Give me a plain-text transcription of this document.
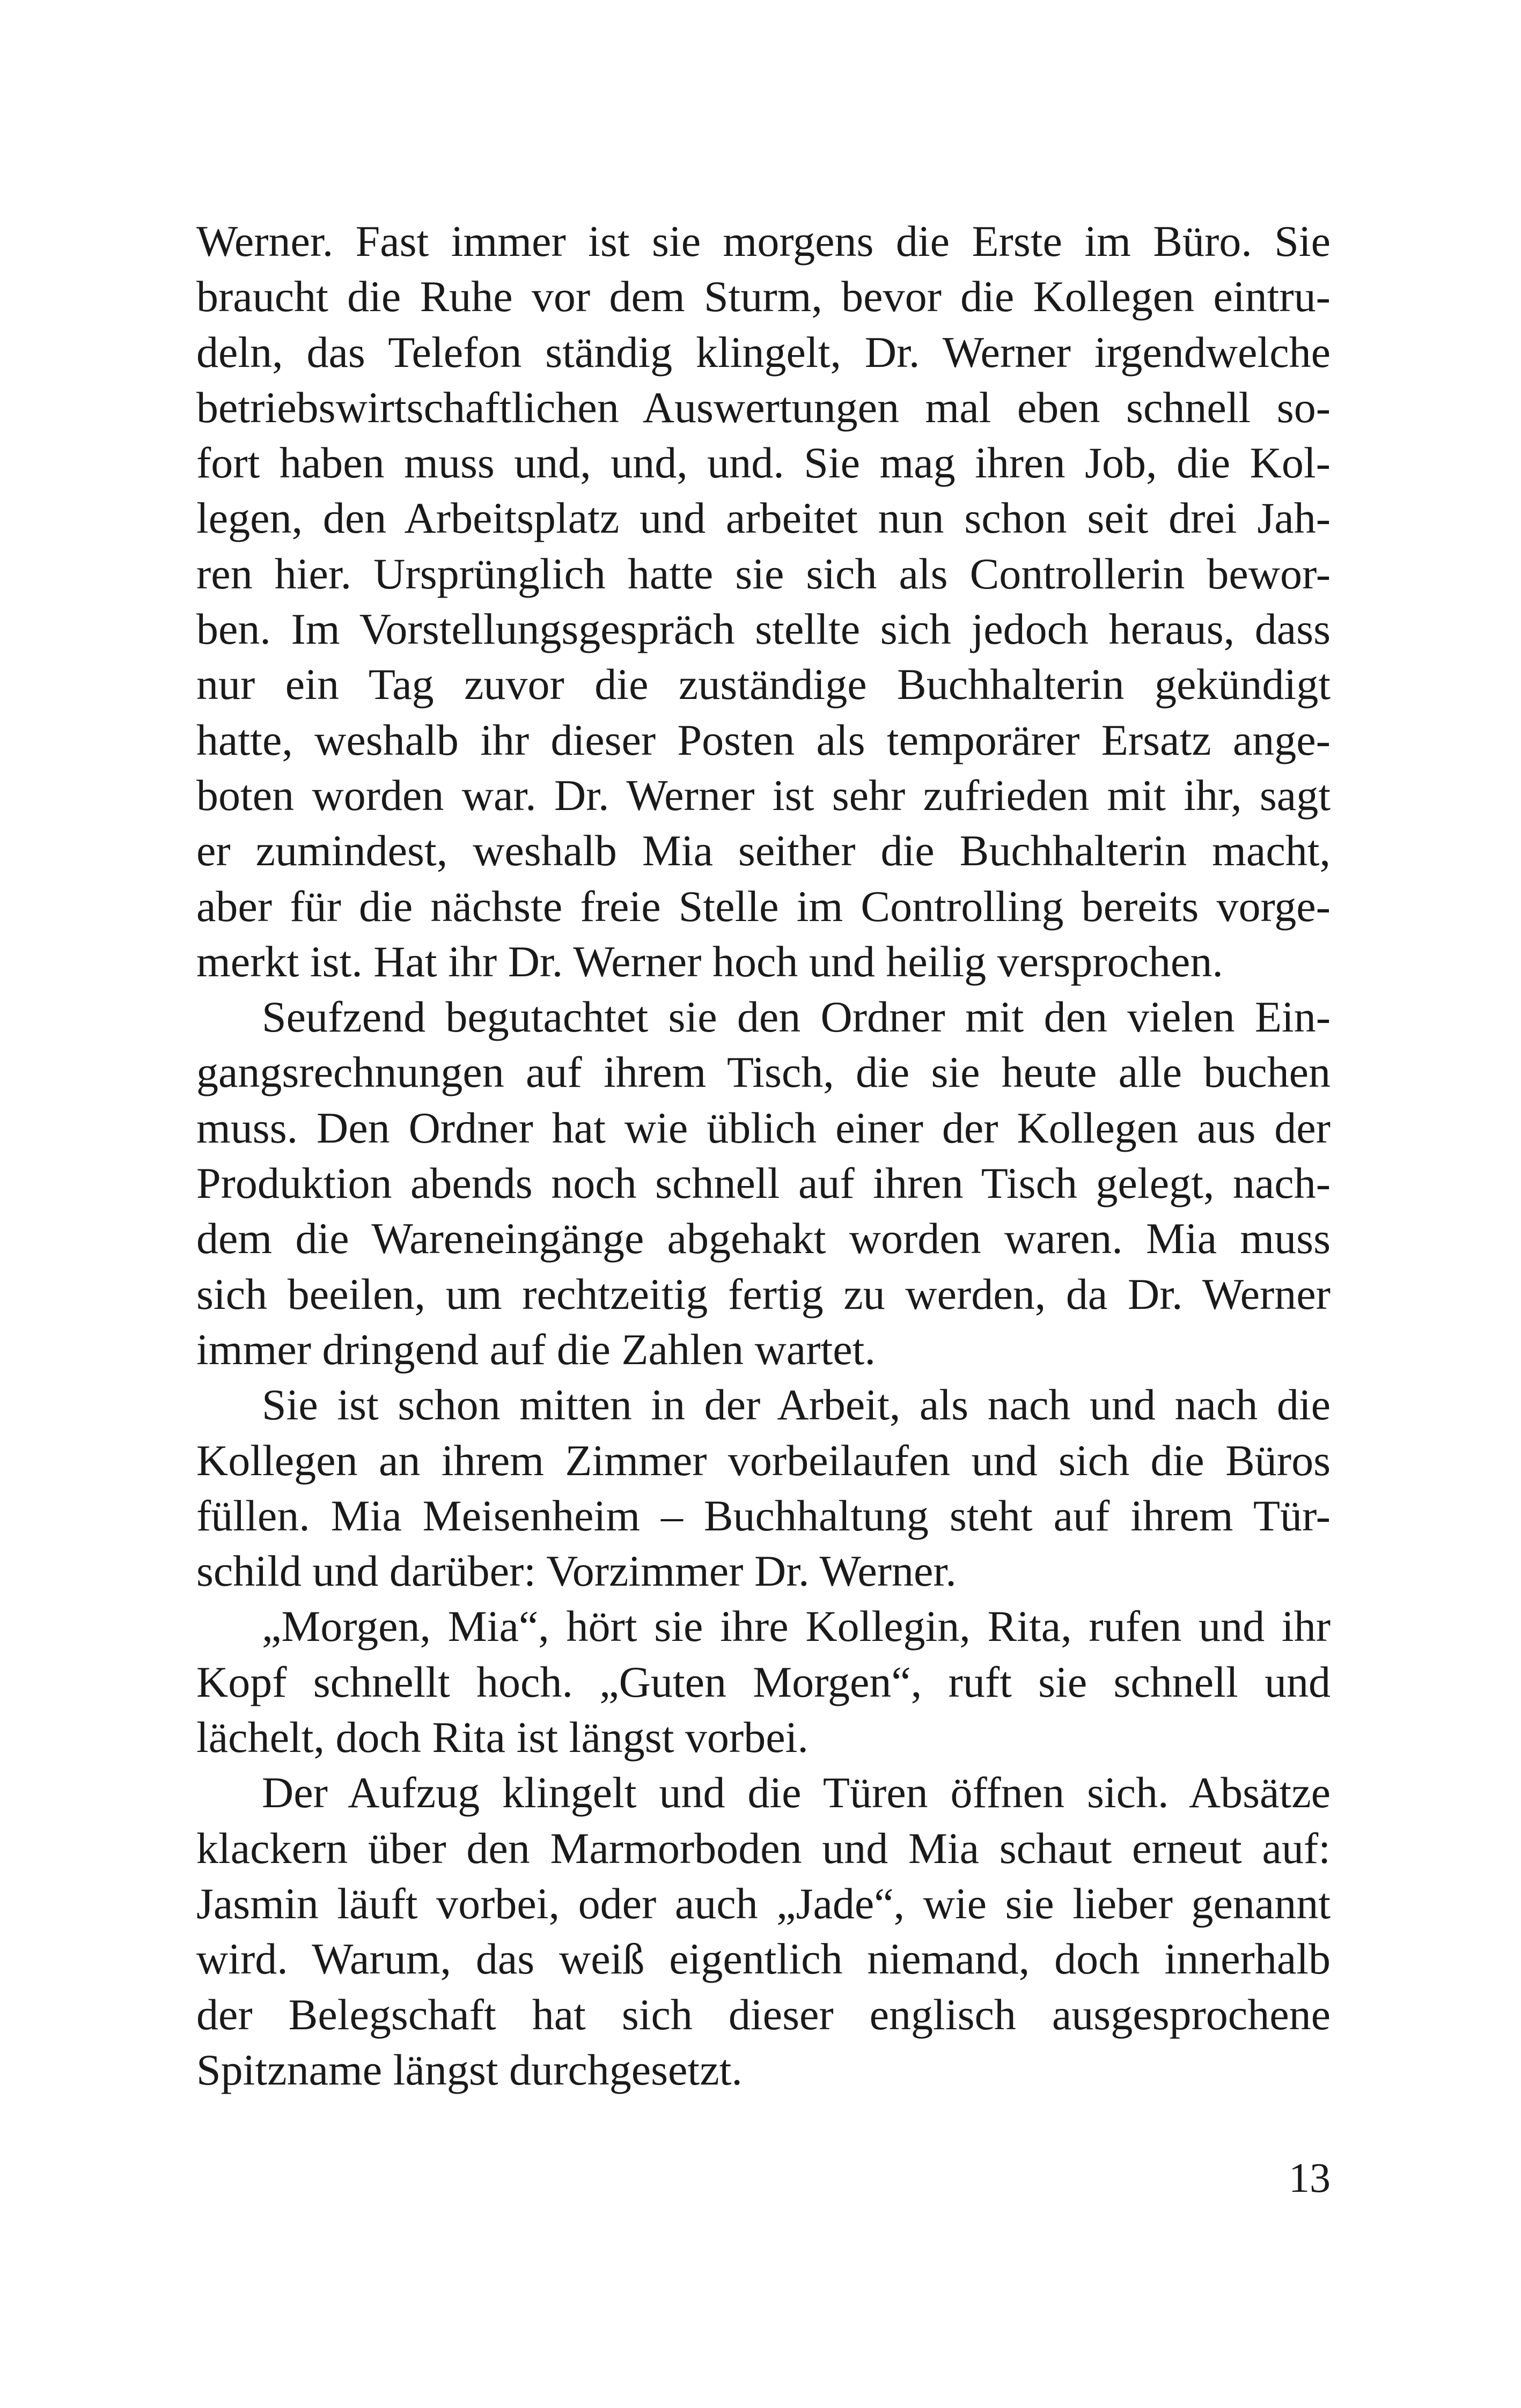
Werner. Fast immer ist sie morgens die Erste im Büro. Sie
braucht die Ruhe vor dem Sturm, bevor die Kollegen eintru-
deln, das Telefon ständig klingelt, Dr. Werner irgendwelche
betriebswirtschaftlichen Auswertungen mal eben schnell so-
fort haben muss und, und, und. Sie mag ihren Job, die Kol-
legen, den Arbeitsplatz und arbeitet nun schon seit drei Jah-
ren hier. Ursprünglich hatte sie sich als Controllerin bewor-
ben. Im Vorstellungsgespräch stellte sich jedoch heraus, dass
nur ein Tag zuvor die zuständige Buchhalterin gekündigt
hatte, weshalb ihr dieser Posten als temporärer Ersatz ange-
boten worden war. Dr. Werner ist sehr zufrieden mit ihr, sagt
er zumindest, weshalb Mia seither die Buchhalterin macht,
aber für die nächste freie Stelle im Controlling bereits vorge-
merkt ist. Hat ihr Dr. Werner hoch und heilig versprochen.
Seufzend begutachtet sie den Ordner mit den vielen Ein-
gangsrechnungen auf ihrem Tisch, die sie heute alle buchen
muss. Den Ordner hat wie üblich einer der Kollegen aus der
Produktion abends noch schnell auf ihren Tisch gelegt, nach-
dem die Wareneingänge abgehakt worden waren. Mia muss
sich beeilen, um rechtzeitig fertig zu werden, da Dr. Werner
immer dringend auf die Zahlen wartet.
Sie ist schon mitten in der Arbeit, als nach und nach die
Kollegen an ihrem Zimmer vorbeilaufen und sich die Büros
füllen. Mia Meisenheim – Buchhaltung steht auf ihrem Tür-
schild und darüber: Vorzimmer Dr. Werner.
„Morgen, Mia“, hört sie ihre Kollegin, Rita, rufen und ihr
Kopf schnellt hoch. „Guten Morgen“, ruft sie schnell und
lächelt, doch Rita ist längst vorbei.
Der Aufzug klingelt und die Türen öffnen sich. Absätze
klackern über den Marmorboden und Mia schaut erneut auf:
Jasmin läuft vorbei, oder auch „Jade“, wie sie lieber genannt
wird. Warum, das weiß eigentlich niemand, doch innerhalb
der Belegschaft hat sich dieser englisch ausgesprochene
Spitzname längst durchgesetzt.
13
